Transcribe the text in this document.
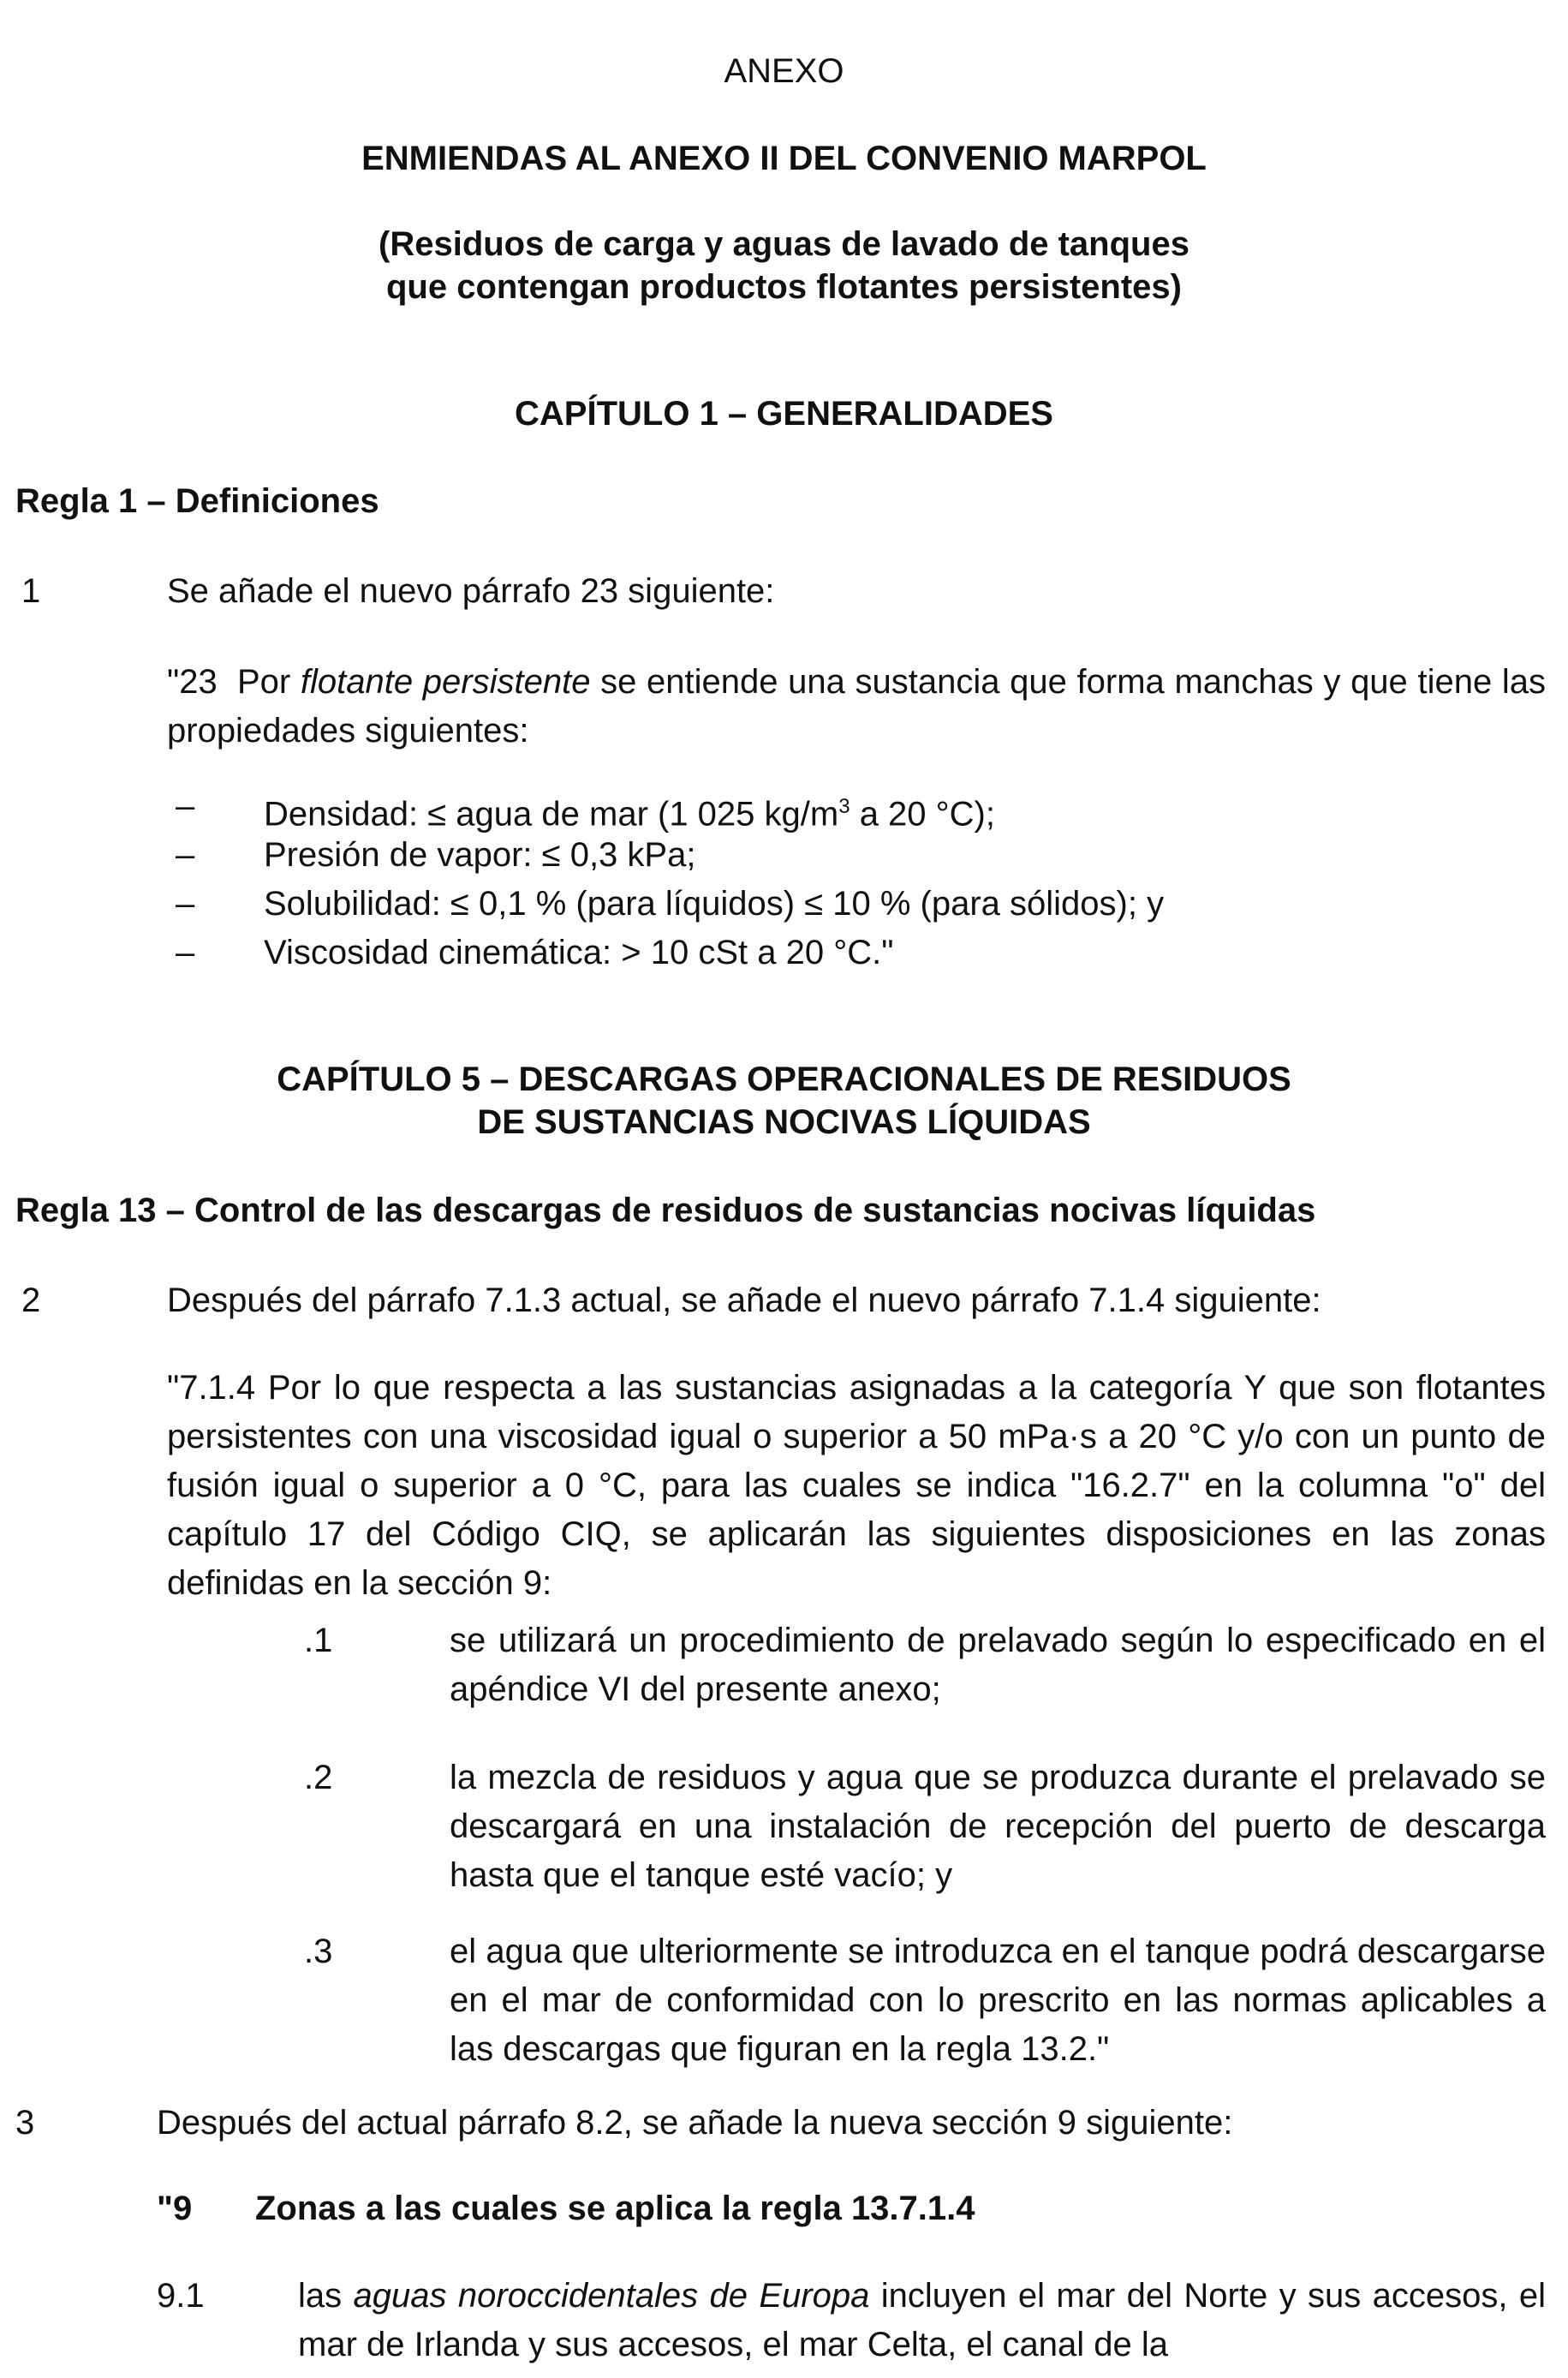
ANEXO

ENMIENDAS AL ANEXO II DEL CONVENIO MARPOL

(Residuos de carga y aguas de lavado de tanques

que contengan productos flotantes persistentes)

CAPÍTULO 1 – GENERALIDADES

Regla 1 – Definiciones

1	Se añade el nuevo párrafo 23 siguiente:

"23  Por flotante persistente se entiende una sustancia que forma manchas y que tiene las propiedades siguientes:

– Densidad: ≤ agua de mar (1 025 $kg/m^3$ a 20 °C);

– Presión de vapor: ≤ 0,3 kPa;

– Solubilidad: ≤ 0,1 % (para líquidos) ≤ 10 % (para sólidos); y

– Viscosidad cinemática: > 10 cSt a 20 °C."

CAPÍTULO 5 – DESCARGAS OPERACIONALES DE RESIDUOS

DE SUSTANCIAS NOCIVAS LÍQUIDAS

Regla 13 – Control de las descargas de residuos de sustancias nocivas líquidas

2	Después del párrafo 7.1.3 actual, se añade el nuevo párrafo 7.1.4 siguiente:

"7.1.4 Por lo que respecta a las sustancias asignadas a la categoría Y que son flotantes persistentes con una viscosidad igual o superior a 50 mPa·s a 20 °C y/o con un punto de fusión igual o superior a 0 °C, para las cuales se indica "16.2.7" en la columna "o" del capítulo 17 del Código CIQ, se aplicarán las siguientes disposiciones en las zonas definidas en la sección 9:

.1	se utilizará un procedimiento de prelavado según lo especificado en el apéndice VI del presente anexo;

.2	la mezcla de residuos y agua que se produzca durante el prelavado se descargará en una instalación de recepción del puerto de descarga hasta que el tanque esté vacío; y

.3	el agua que ulteriormente se introduzca en el tanque podrá descargarse en el mar de conformidad con lo prescrito en las normas aplicables a las descargas que figuran en la regla 13.2."

3	Después del actual párrafo 8.2, se añade la nueva sección 9 siguiente:

"9 Zonas a las cuales se aplica la regla 13.7.1.4

9.1	las aguas noroccidentales de Europa incluyen el mar del Norte y sus accesos, el mar de Irlanda y sus accesos, el mar Celta, el canal de la
